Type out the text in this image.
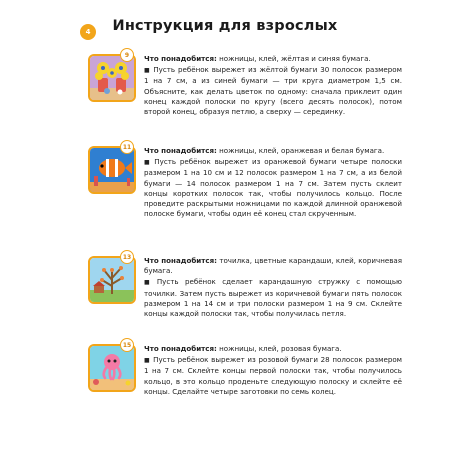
4	Инструкция для взрослых
9	Что понадобится: ножницы, клей, жёлтая и синяя бумага.

■ Пусть ребёнок вырежет из жёлтой бумаги 30 полосок размером 1 на 7 см, а из синей бумаги — три круга диаметром 1,5 см. Объясните, как делать цветок по одному: сначала приклеит один конец каждой полоски по кругу (всего десять полосок), потом второй конец, образуя петлю, а сверху — серединку.

11	Что понадобится: ножницы, клей, оранжевая и белая бумага.

■ Пусть ребёнок вырежет из оранжевой бумаги четыре полоски размером 1 на 10 см и 12 полосок размером 1 на 7 см, а из белой бумаги — 14 полосок размером 1 на 7 см. Затем пусть склеит концы коротких полосок так, чтобы получилось кольцо. После проведите раскрытыми ножницами по каждой длинной оранжевой полоске бумаги, чтобы один её конец стал скрученным.

13	Что понадобится: точилка, цветные карандаши, клей, коричневая бумага.

■ Пусть ребёнок сделает карандашную стружку с помощью точилки. Затем пусть вырежет из коричневой бумаги пять полосок размером 1 на 14 см и три полоски размером 1 на 9 см. Склейте концы каждой полоски так, чтобы получилась петля.

15	Что понадобится: ножницы, клей, розовая бумага.

■ Пусть ребёнок вырежет из розовой бумаги 28 полосок размером 1 на 7 см. Склейте концы первой полоски так, чтобы получилось кольцо, в это кольцо проденьте следующую полоску и склейте её концы. Сделайте четыре заготовки по семь колец.
